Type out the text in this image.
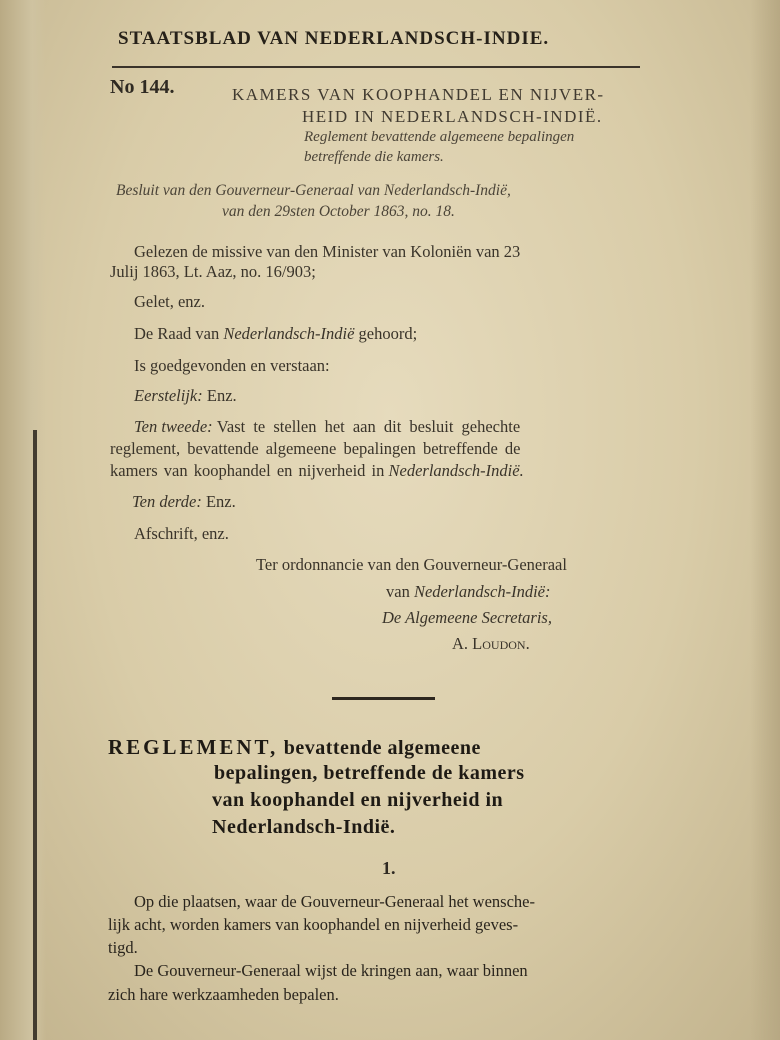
STAATSBLAD VAN NEDERLANDSCH-INDIE.
No 144.	KAMERS VAN KOOPHANDEL EN NIJVER-
HEID IN NEDERLANDSCH-INDIË.
Reglement bevattende algemeene bepalingen
betreffende die kamers.
Besluit van den Gouverneur-Generaal van Nederlandsch-Indië,
van den 29sten October 1863, no. 18.
Gelezen de missive van den Minister van Koloniën van 23
Julij 1863, Lt. Aaz, no. 16/903;
Gelet, enz.
De Raad van Nederlandsch-Indië gehoord;
Is goedgevonden en verstaan:
Eerstelijk: Enz.
Ten tweede: Vast te stellen het aan dit besluit gehechte
reglement, bevattende algemeene bepalingen betreffende de
kamers van koophandel en nijverheid in Nederlandsch-Indië.
Ten derde: Enz.
Afschrift, enz.
Ter ordonnancie van den Gouverneur-Generaal
van Nederlandsch-Indië:
De Algemeene Secretaris,
A. Loudon.
REGLEMENT, bevattende algemeene
bepalingen, betreffende de kamers
van koophandel en nijverheid in
Nederlandsch-Indië.
1.
Op die plaatsen, waar de Gouverneur-Generaal het wensche-
lijk acht, worden kamers van koophandel en nijverheid geves-
tigd.
De Gouverneur-Generaal wijst de kringen aan, waar binnen
zich hare werkzaamheden bepalen.
